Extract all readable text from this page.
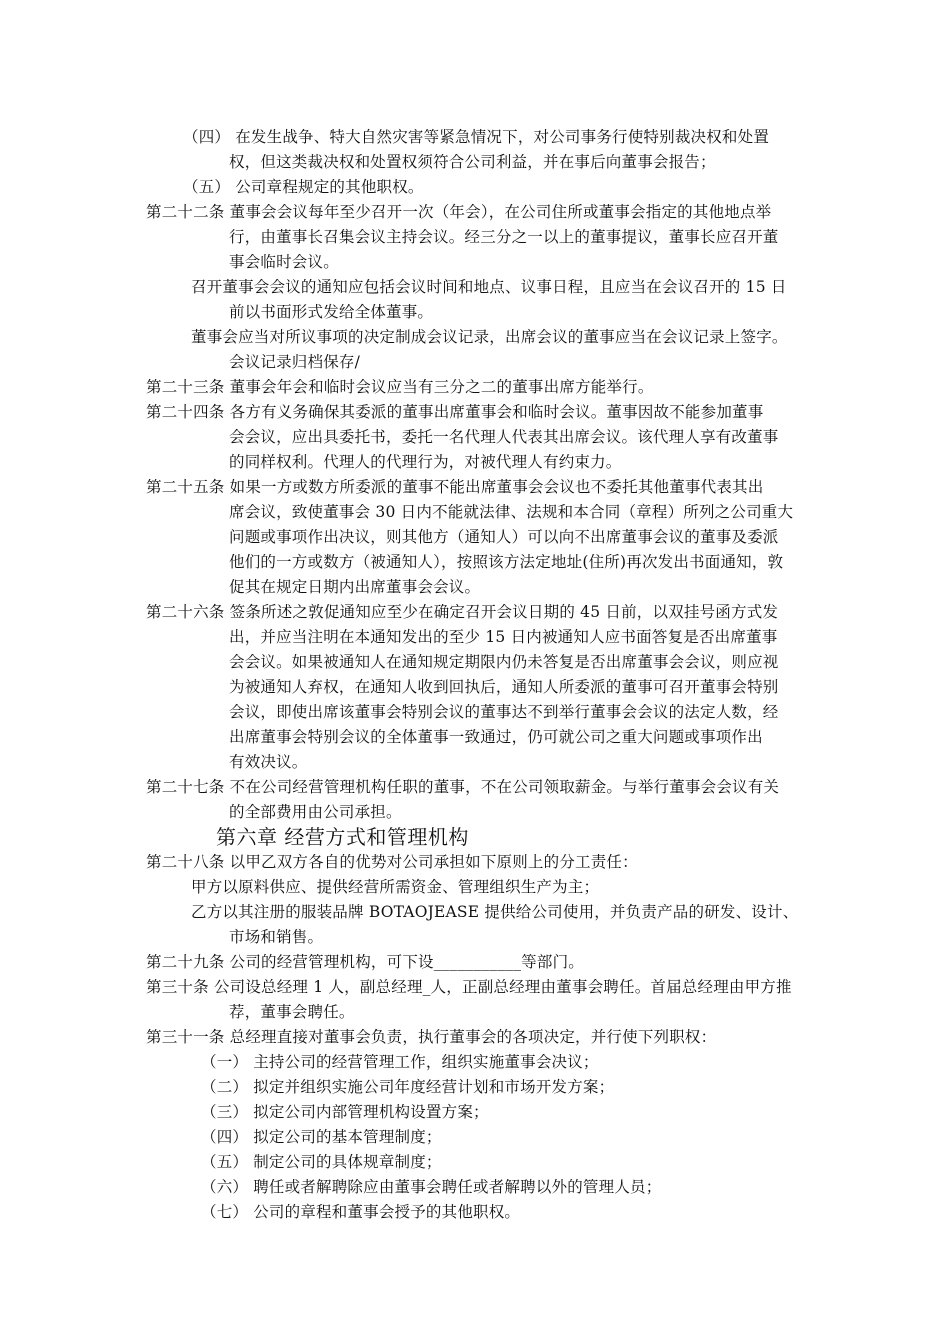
（四） 在发生战争、特大自然灾害等紧急情况下，对公司事务行使特别裁决权和处置
权，但这类裁决权和处置权须符合公司利益，并在事后向董事会报告；
（五） 公司章程规定的其他职权。
第二十二条 董事会会议每年至少召开一次（年会），在公司住所或董事会指定的其他地点举
行，由董事长召集会议主持会议。经三分之一以上的董事提议，董事长应召开董
事会临时会议。
召开董事会会议的通知应包括会议时间和地点、议事日程，且应当在会议召开的 15 日
前以书面形式发给全体董事。
董事会应当对所议事项的决定制成会议记录，出席会议的董事应当在会议记录上签字。
会议记录归档保存/
第二十三条 董事会年会和临时会议应当有三分之二的董事出席方能举行。
第二十四条 各方有义务确保其委派的董事出席董事会和临时会议。董事因故不能参加董事
会会议，应出具委托书，委托一名代理人代表其出席会议。该代理人享有改董事
的同样权利。代理人的代理行为，对被代理人有约束力。
第二十五条 如果一方或数方所委派的董事不能出席董事会会议也不委托其他董事代表其出
席会议，致使董事会 30 日内不能就法律、法规和本合同（章程）所列之公司重大
问题或事项作出决议，则其他方（通知人）可以向不出席董事会议的董事及委派
他们的一方或数方（被通知人），按照该方法定地址(住所)再次发出书面通知，敦
促其在规定日期内出席董事会会议。
第二十六条 签条所述之敦促通知应至少在确定召开会议日期的 45 日前，以双挂号函方式发
出，并应当注明在本通知发出的至少 15 日内被通知人应书面答复是否出席董事
会会议。如果被通知人在通知规定期限内仍未答复是否出席董事会会议，则应视
为被通知人弃权，在通知人收到回执后，通知人所委派的董事可召开董事会特别
会议，即使出席该董事会特别会议的董事达不到举行董事会会议的法定人数，经
出席董事会特别会议的全体董事一致通过，仍可就公司之重大问题或事项作出
有效决议。
第二十七条 不在公司经营管理机构任职的董事，不在公司领取薪金。与举行董事会会议有关
的全部费用由公司承担。
第六章 经营方式和管理机构
第二十八条 以甲乙双方各自的优势对公司承担如下原则上的分工责任：
甲方以原料供应、提供经营所需资金、管理组织生产为主；
乙方以其注册的服装品牌 BOTAOJEASE 提供给公司使用，并负责产品的研发、设计、
市场和销售。
第二十九条 公司的经营管理机构，可下设___________等部门。
第三十条 公司设总经理 1 人，副总经理_人，正副总经理由董事会聘任。首届总经理由甲方推
荐，董事会聘任。
第三十一条 总经理直接对董事会负责，执行董事会的各项决定，并行使下列职权：
（一） 主持公司的经营管理工作，组织实施董事会决议；
（二） 拟定并组织实施公司年度经营计划和市场开发方案；
（三） 拟定公司内部管理机构设置方案；
（四） 拟定公司的基本管理制度；
（五） 制定公司的具体规章制度；
（六） 聘任或者解聘除应由董事会聘任或者解聘以外的管理人员；
（七） 公司的章程和董事会授予的其他职权。
